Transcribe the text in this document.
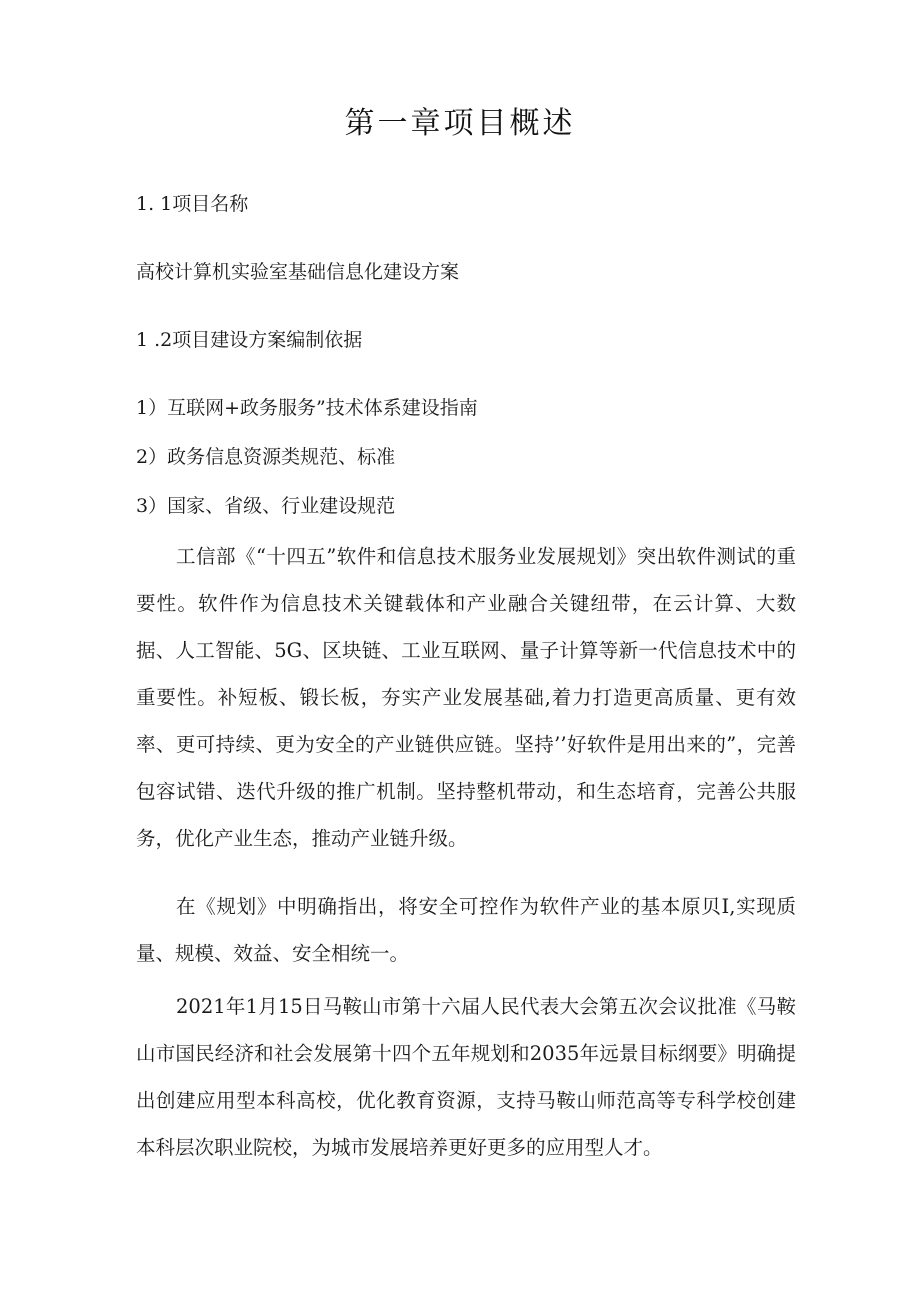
第一章项目概述
1. 1项目名称
高校计算机实验室基础信息化建设方案
1 .2项目建设方案编制依据
1）互联网+政务服务”技术体系建设指南
2）政务信息资源类规范、标准
3）国家、省级、行业建设规范

工信部《“十四五”软件和信息技术服务业发展规划》突出软件测试的重要性。软件作为信息技术关键载体和产业融合关键纽带，在云计算、大数据、人工智能、5G、区块链、工业互联网、量子计算等新一代信息技术中的重要性。补短板、锻长板，夯实产业发展基础,着力打造更高质量、更有效率、更可持续、更为安全的产业链供应链。坚持’’好软件是用出来的”，完善包容试错、迭代升级的推广机制。坚持整机带动，和生态培育，完善公共服务，优化产业生态，推动产业链升级。

在《规划》中明确指出，将安全可控作为软件产业的基本原贝I,实现质量、规模、效益、安全相统一。

2021年1月15日马鞍山市第十六届人民代表大会第五次会议批准《马鞍山市国民经济和社会发展第十四个五年规划和2035年远景目标纲要》明确提出创建应用型本科高校，优化教育资源，支持马鞍山师范高等专科学校创建本科层次职业院校，为城市发展培养更好更多的应用型人才。
